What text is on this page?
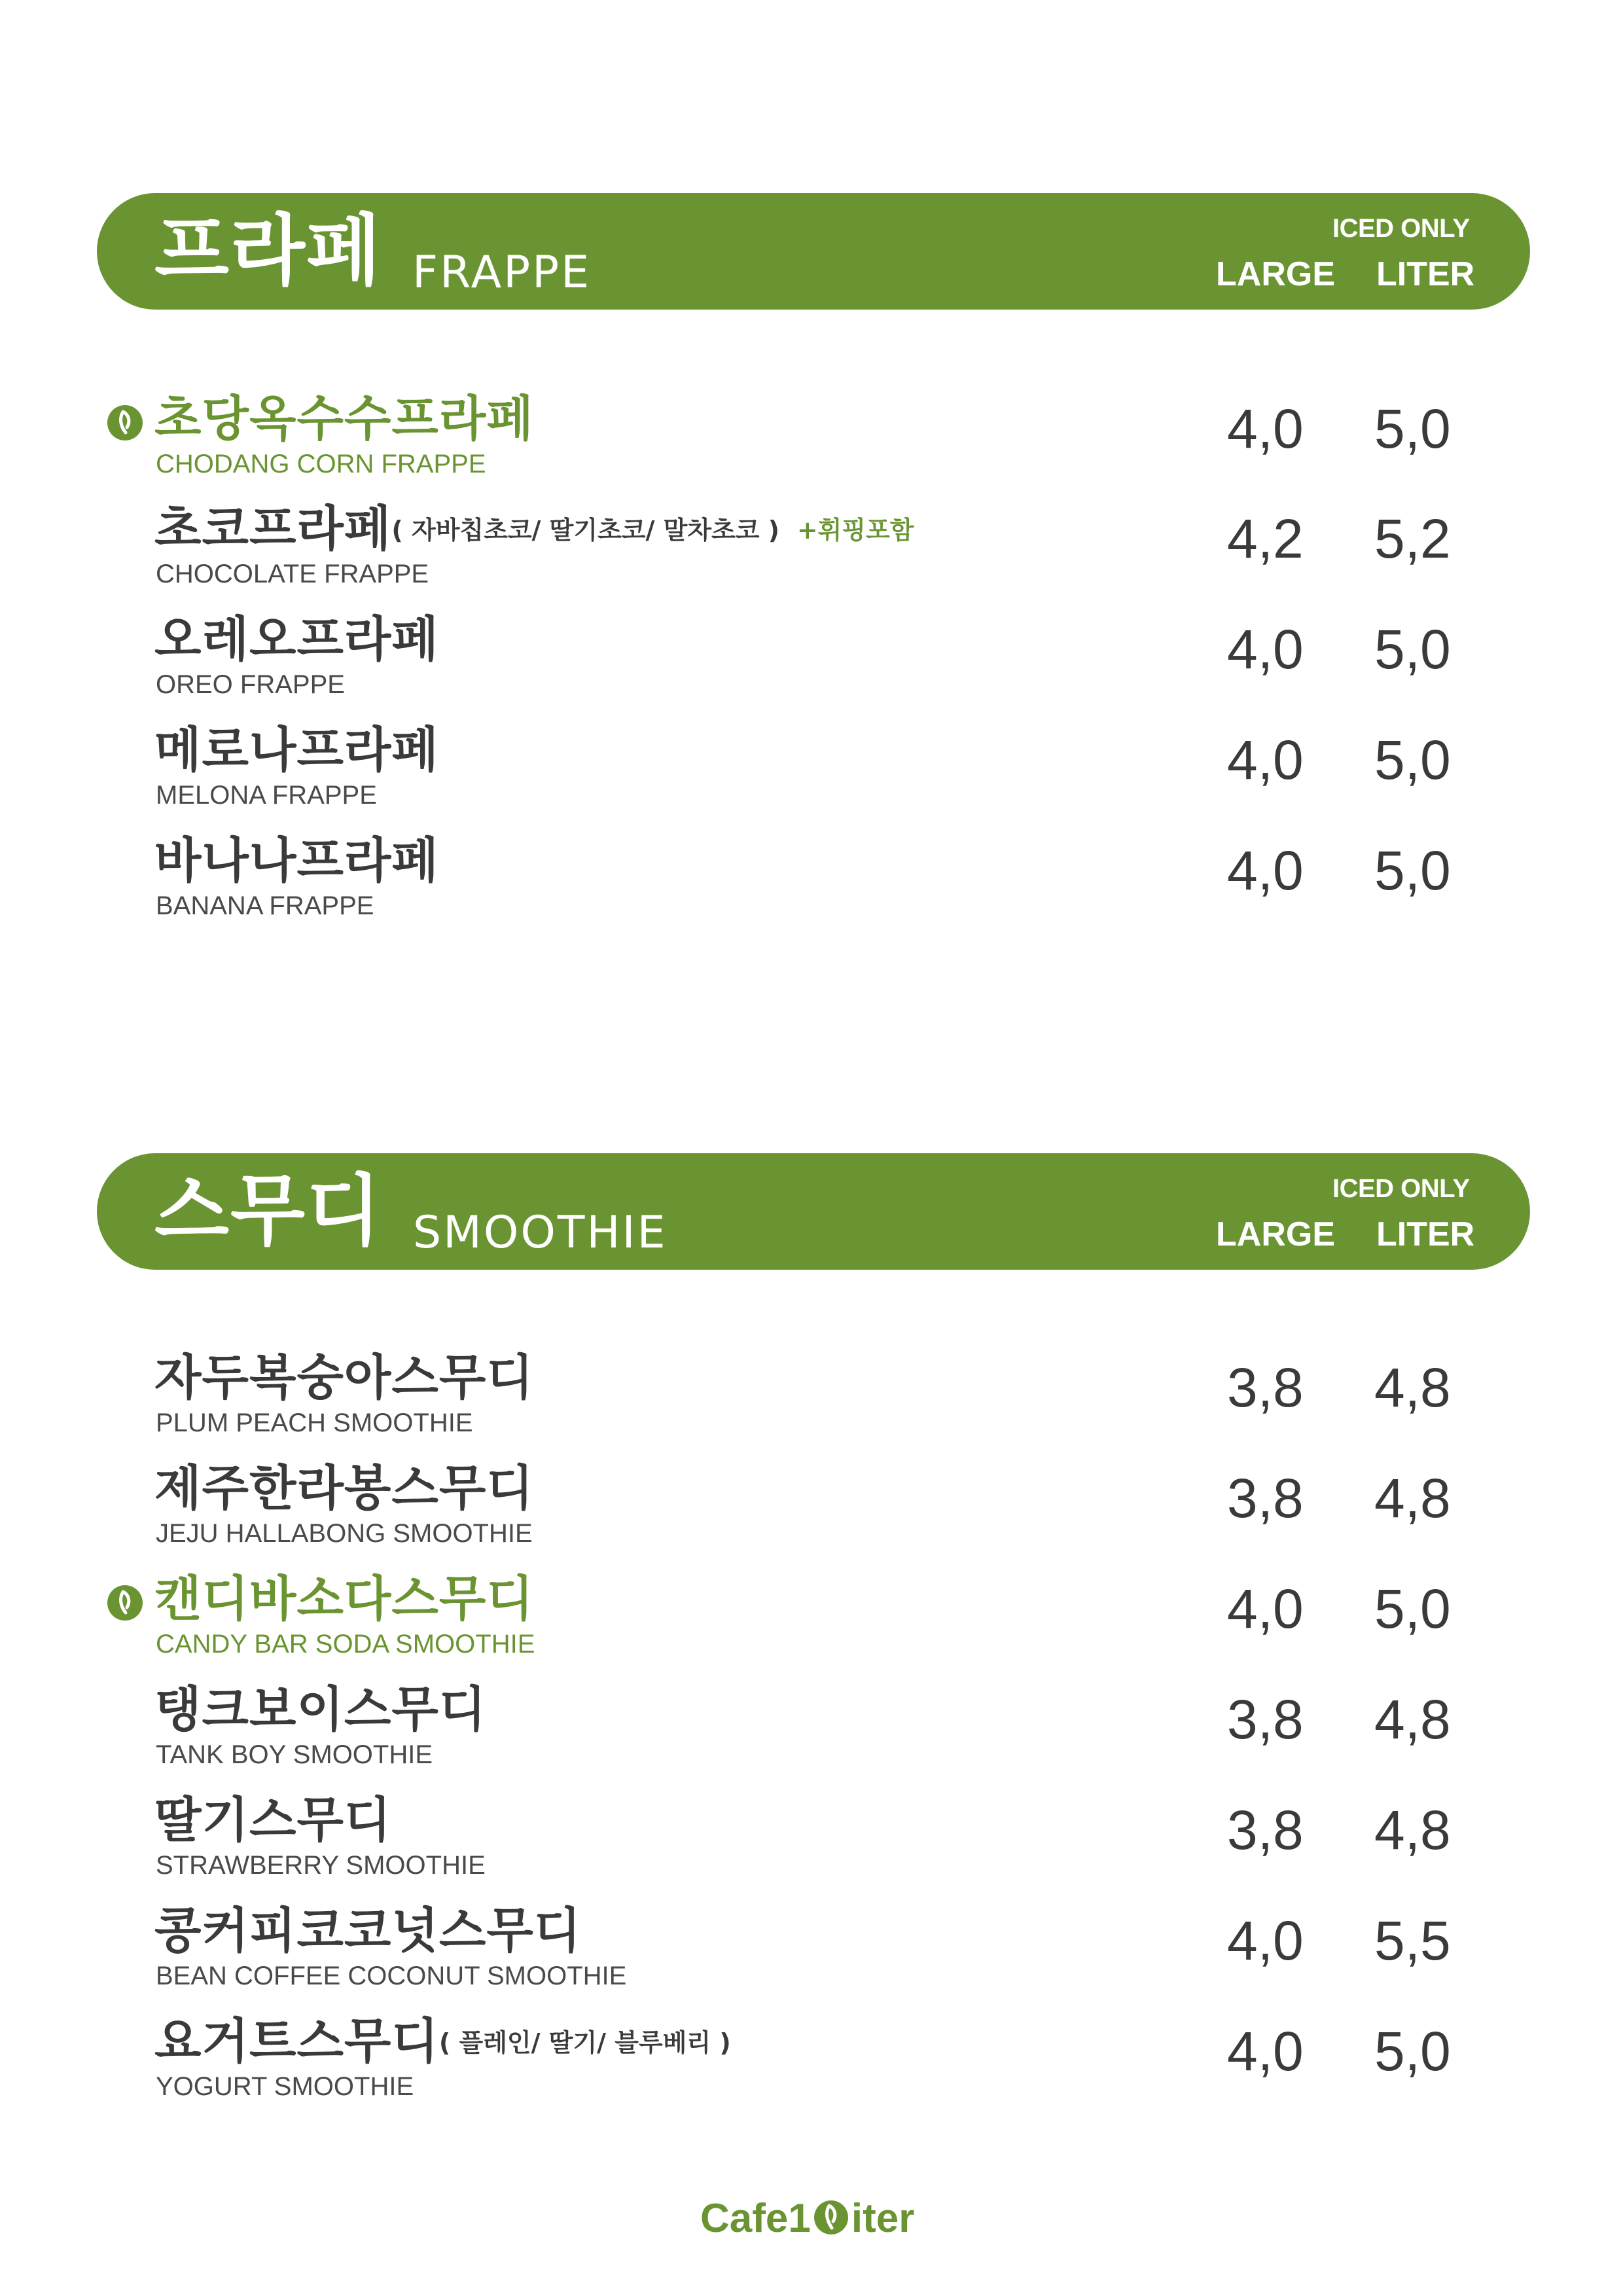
프라페 FRAPPE
ICED ONLY
LARGE LITER
초당옥수수프라페
CHODANG CORN FRAPPE
4,0 5,0
초코프라페( 자바칩초코/ 딸기초코/ 말차초코 ) +휘핑포함
CHOCOLATE FRAPPE
4,2 5,2
오레오프라페
OREO FRAPPE
4,0 5,0
메로나프라페
MELONA FRAPPE
4,0 5,0
바나나프라페
BANANA FRAPPE
4,0 5,0
스무디 SMOOTHIE
ICED ONLY
LARGE LITER
자두복숭아스무디
PLUM PEACH SMOOTHIE
3,8 4,8
제주한라봉스무디
JEJU HALLABONG SMOOTHIE
3,8 4,8
캔디바소다스무디
CANDY BAR SODA SMOOTHIE
4,0 5,0
탱크보이스무디
TANK BOY SMOOTHIE
3,8 4,8
딸기스무디
STRAWBERRY SMOOTHIE
3,8 4,8
콩커피코코넛스무디
BEAN COFFEE COCONUT SMOOTHIE
4,0 5,5
요거트스무디( 플레인/ 딸기/ 블루베리 )
YOGURT SMOOTHIE
4,0 5,0
Cafe1 iter
